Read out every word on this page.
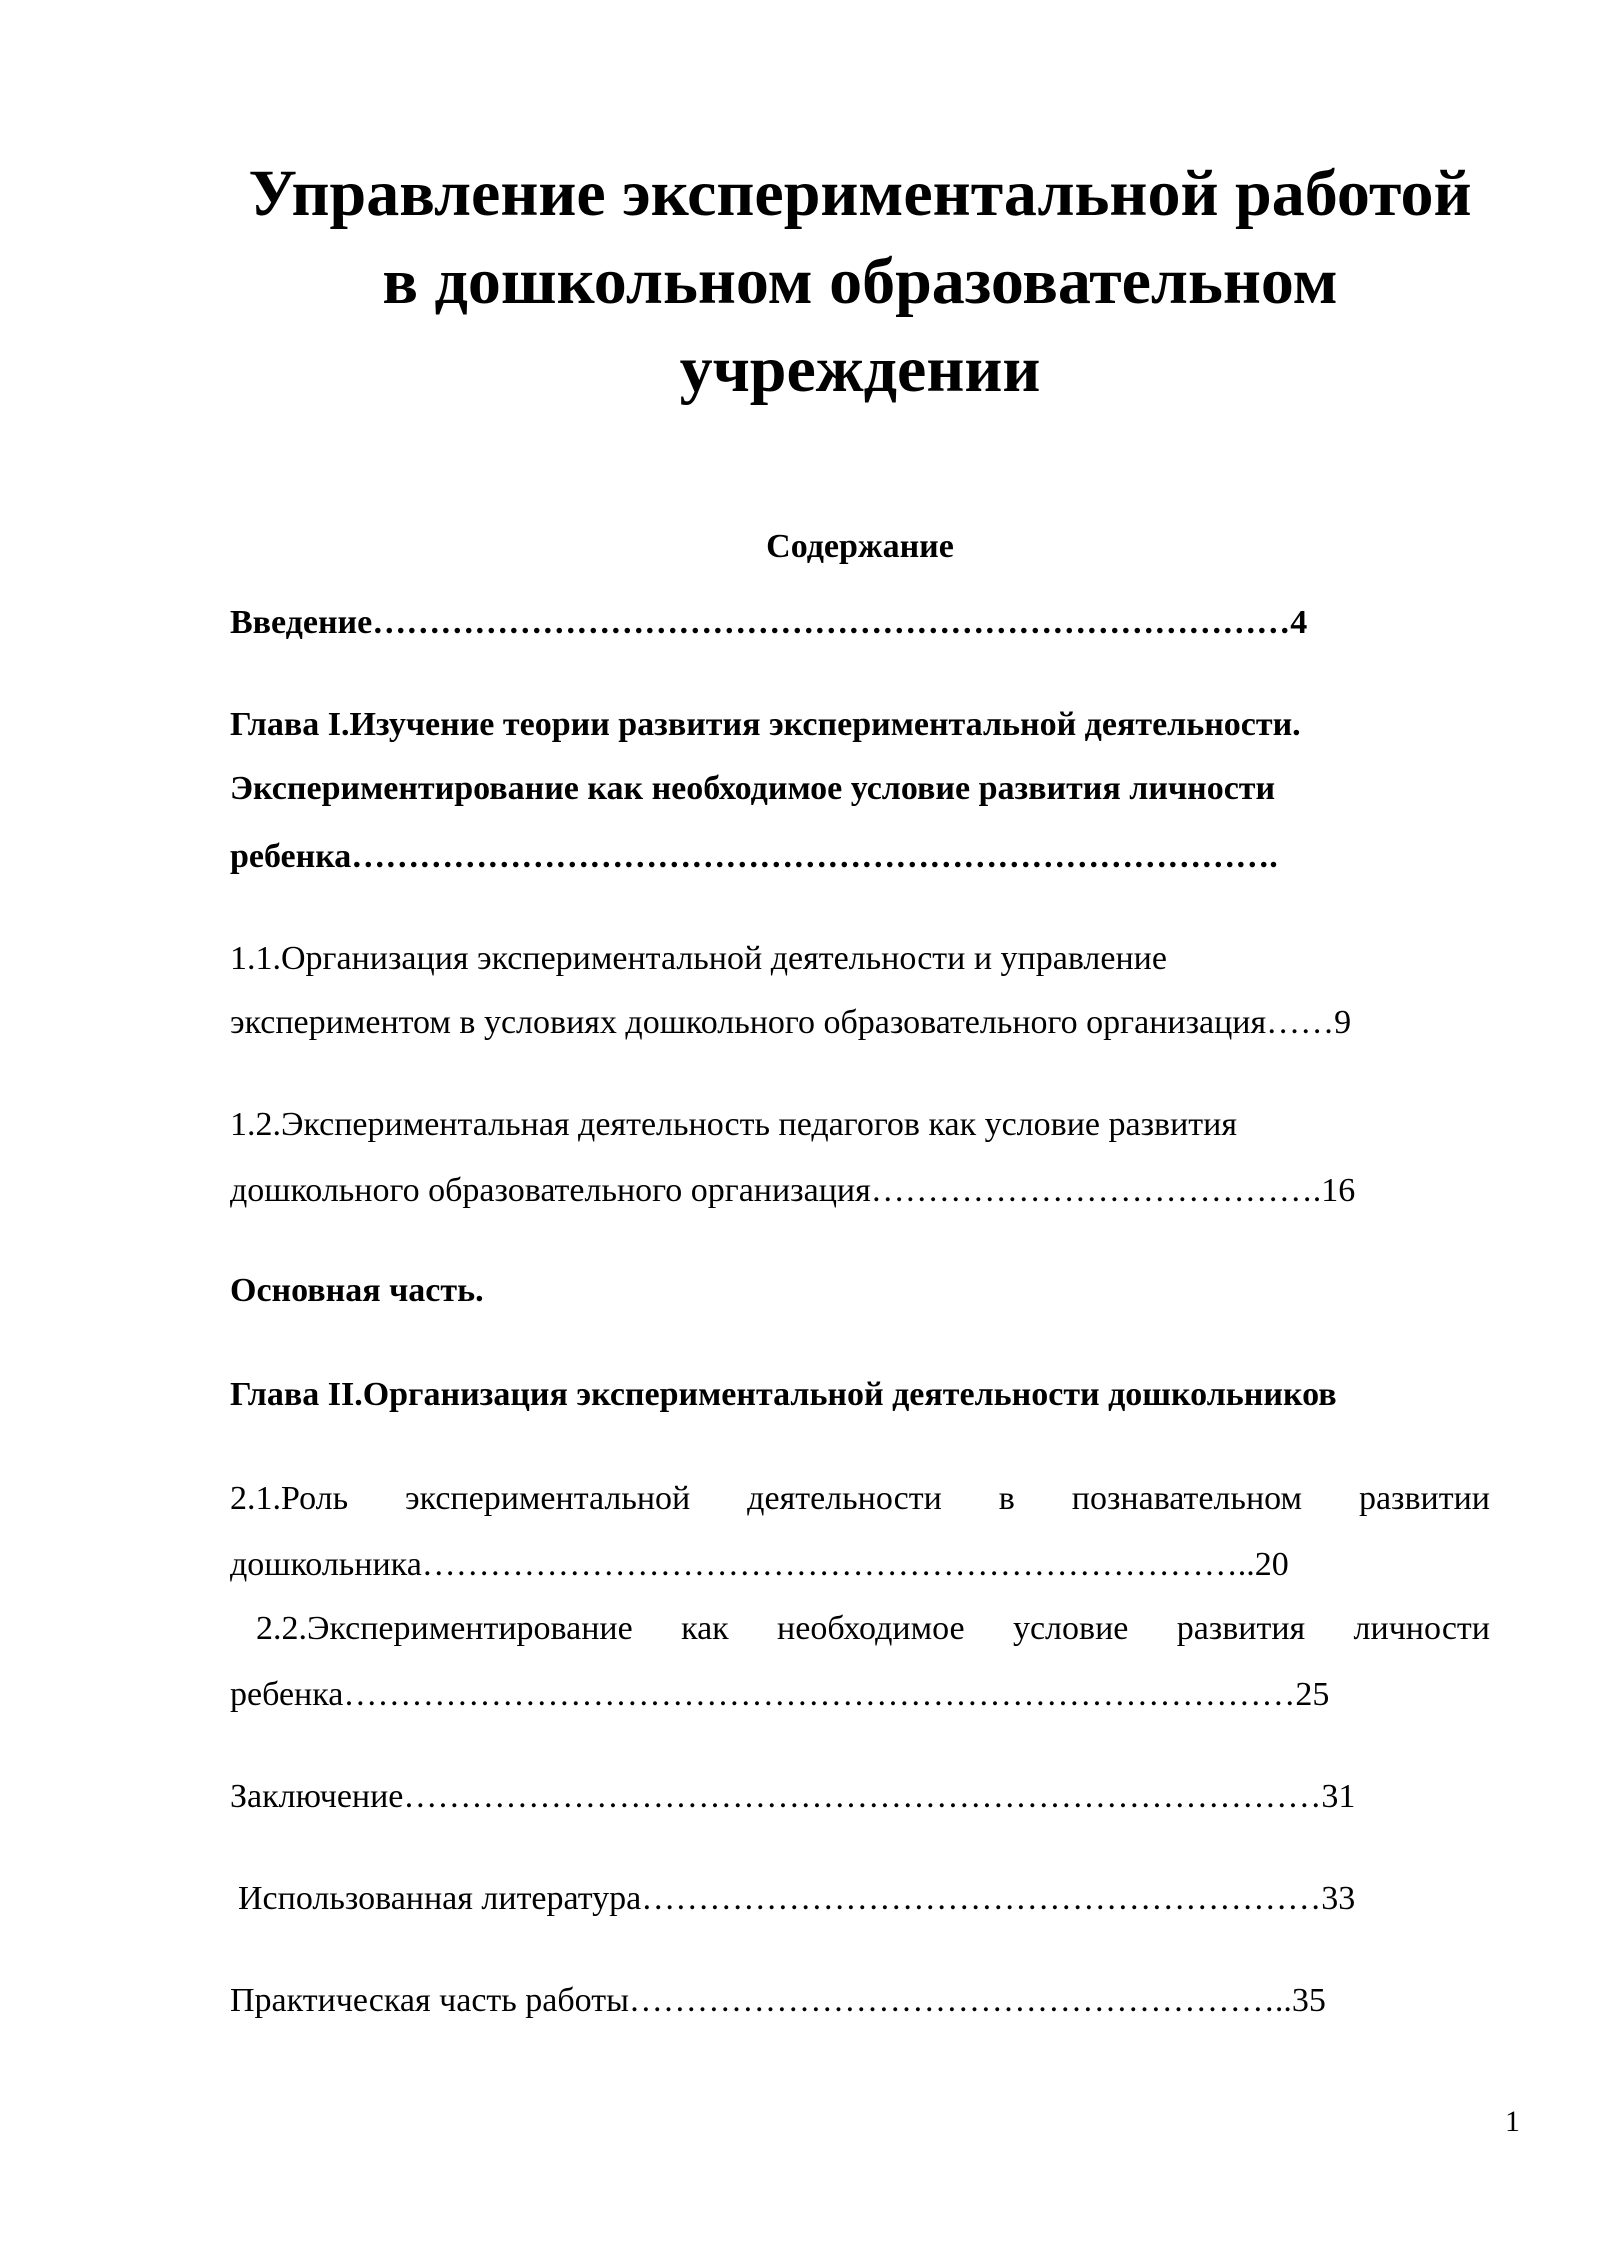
Управление экспериментальной работой
в дошкольном образовательном
учреждении
Содержание

Введение………………………………………………………………………4

Глава I.Изучение теории развития экспериментальной деятельности.

Экспериментирование как необходимое условие развития личности

ребенка……………………………………………………………………….

1.1.Организация экспериментальной деятельности и управление

экспериментом в условиях дошкольного образовательного организация……9

1.2.Экспериментальная деятельность педагогов как условие развития

дошкольного образовательного организация………………………………….16

Основная часть.

Глава II.Организация экспериментальной деятельности дошкольников

2.1.Роль экспериментальной деятельности в познавательном развитии

дошкольника………………………………………………………………..20

2.2.Экспериментирование как необходимое условие развития личности

ребенка…………………………………………………………………………25

Заключение………………………………………………………………………31

Использованная литература……………………………………………………33

Практическая часть работы…………………………………………………..35

1
